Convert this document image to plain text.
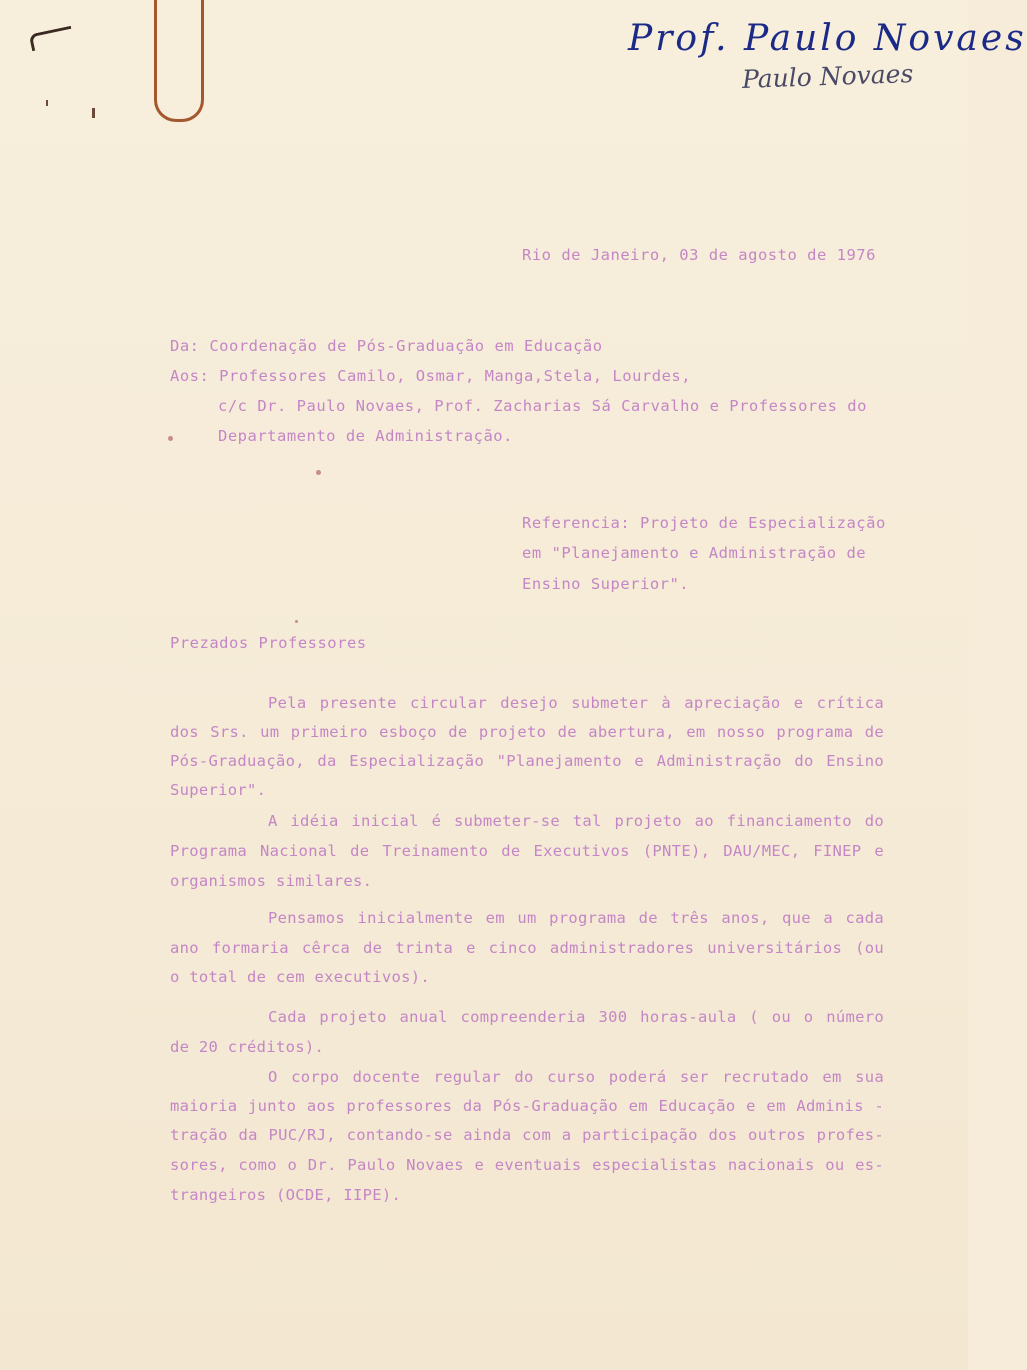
Prof. Paulo Novaes

Paulo Novaes

Rio de Janeiro, 03 de agosto de 1976

Da: Coordenação de Pós-Graduação em Educação

Aos: Professores Camilo, Osmar, Manga,Stela, Lourdes,

c/c Dr. Paulo Novaes, Prof. Zacharias Sá Carvalho e Professores do

Departamento de Administração.

Referencia: Projeto de Especialização

em "Planejamento e Administração de

Ensino Superior".

Prezados Professores

Pela presente circular desejo submeter à apreciação e crítica

dos Srs. um primeiro esboço de projeto de abertura, em nosso programa de

Pós-Graduação, da Especialização "Planejamento e Administração do Ensino

Superior".

A idéia inicial é submeter-se tal projeto ao financiamento do

Programa Nacional de Treinamento de Executivos (PNTE), DAU/MEC, FINEP e

organismos similares.

Pensamos inicialmente em um programa de três anos, que a cada

ano formaria cêrca de trinta e cinco administradores universitários (ou

o total de cem executivos).

Cada projeto anual compreenderia 300 horas-aula ( ou o número

de 20 créditos).

O corpo docente regular do curso poderá ser recrutado em sua

maioria junto aos professores da Pós-Graduação em Educação e em Adminis -

tração da PUC/RJ, contando-se ainda com a participação dos outros profes-

sores, como o Dr. Paulo Novaes e eventuais especialistas nacionais ou es-

trangeiros (OCDE, IIPE).
